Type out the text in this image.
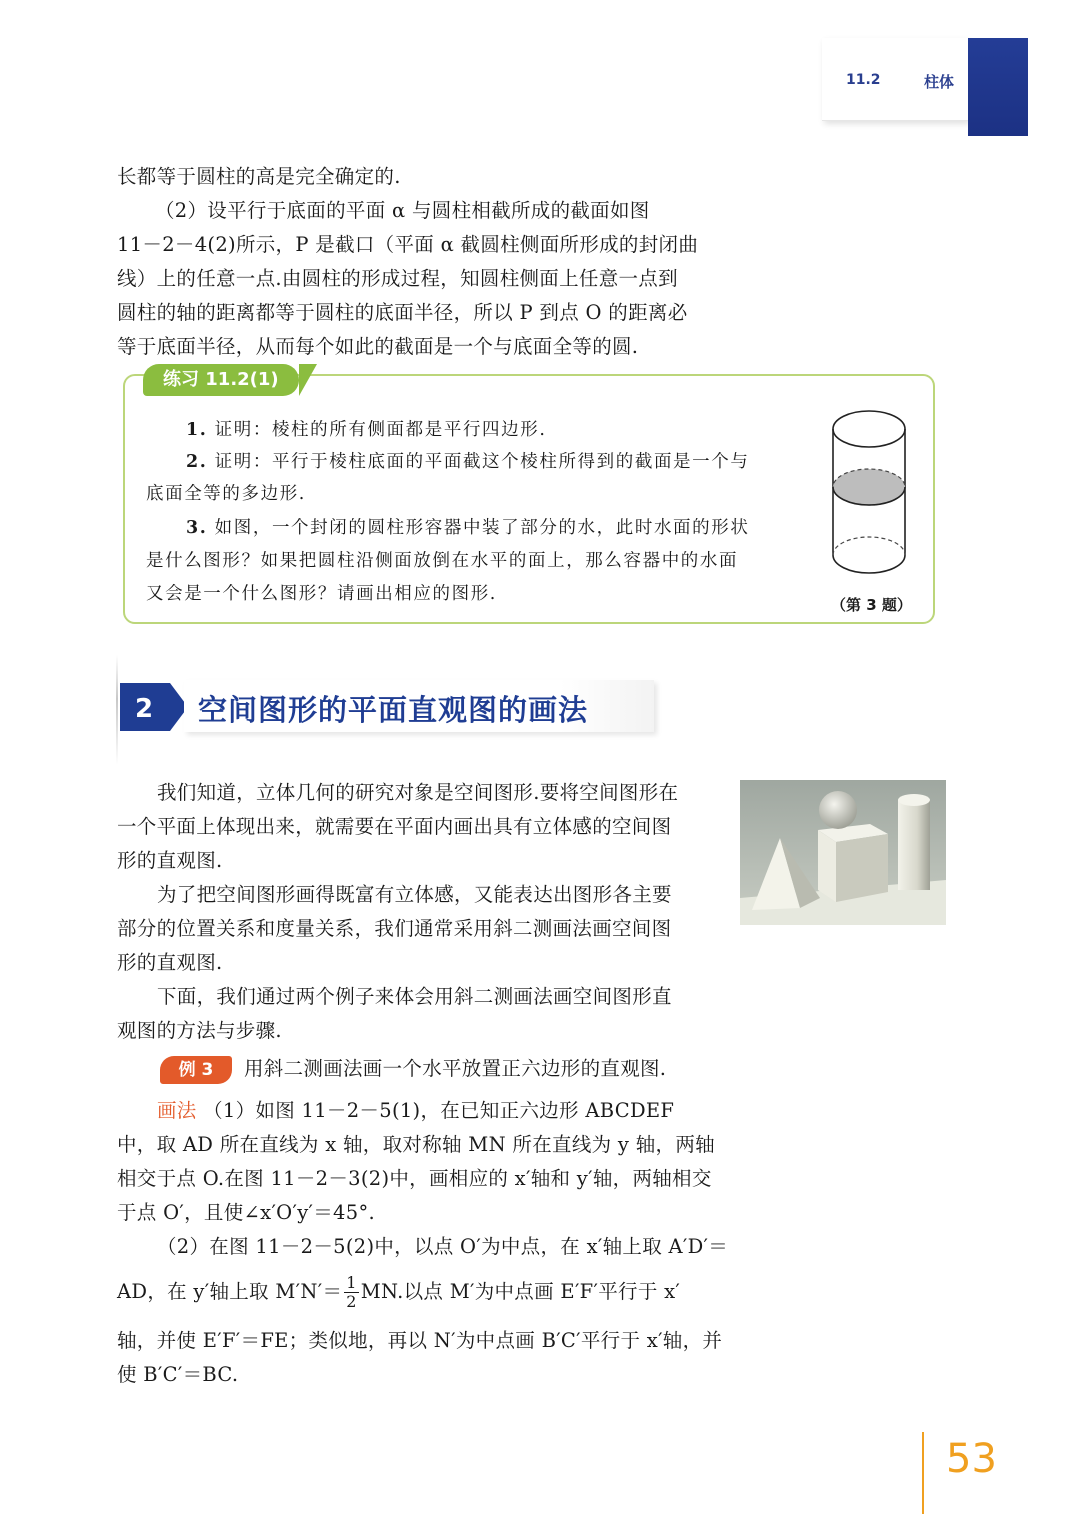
11.2	柱体
长都等于圆柱的高是完全确定的.
（2）设平行于底面的平面 α 与圆柱相截所成的截面如图
11－2－4(2)所示，P 是截口（平面 α 截圆柱侧面所形成的封闭曲
线）上的任意一点.由圆柱的形成过程，知圆柱侧面上任意一点到
圆柱的轴的距离都等于圆柱的底面半径，所以 P 到点 O 的距离必
等于底面半径，从而每个如此的截面是一个与底面全等的圆.
练习 11.2(1)
1. 证明：棱柱的所有侧面都是平行四边形.
2. 证明：平行于棱柱底面的平面截这个棱柱所得到的截面是一个与
底面全等的多边形.
3. 如图，一个封闭的圆柱形容器中装了部分的水，此时水面的形状
是什么图形？如果把圆柱沿侧面放倒在水平的面上，那么容器中的水面
又会是一个什么图形？请画出相应的图形.
（第 3 题）
2 空间图形的平面直观图的画法
我们知道，立体几何的研究对象是空间图形.要将空间图形在
一个平面上体现出来，就需要在平面内画出具有立体感的空间图
形的直观图.
为了把空间图形画得既富有立体感，又能表达出图形各主要
部分的位置关系和度量关系，我们通常采用斜二测画法画空间图
形的直观图.
下面，我们通过两个例子来体会用斜二测画法画空间图形直
观图的方法与步骤.
例 3	用斜二测画法画一个水平放置正六边形的直观图.
画法 （1）如图 11－2－5(1)，在已知正六边形 ABCDEF
中，取 AD 所在直线为 x 轴，取对称轴 MN 所在直线为 y 轴，两轴
相交于点 O.在图 11－2－3(2)中，画相应的 x′轴和 y′轴，两轴相交
于点 O′，且使∠x′O′y′＝45°.
（2）在图 11－2－5(2)中，以点 O′为中点，在 x′轴上取 A′D′＝
AD，在 y′轴上取 $M'N'= \frac{1}{2}$ MN.以点 M′为中点画 E′F′平行于 x′
轴，并使 E′F′＝FE；类似地，再以 N′为中点画 B′C′平行于 x′轴，并
使 B′C′＝BC.
53
